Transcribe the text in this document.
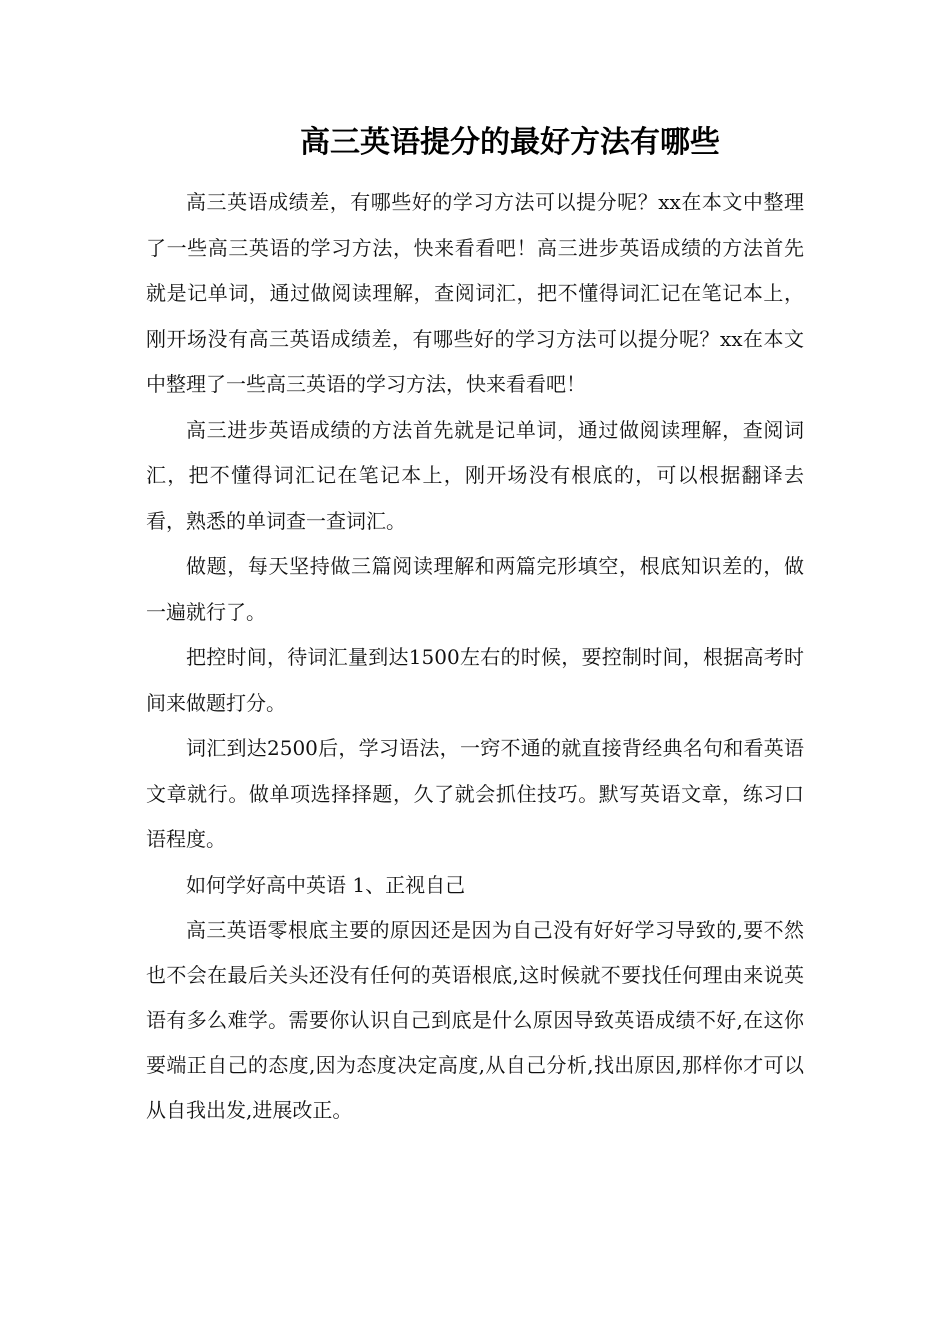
高三英语提分的最好方法有哪些

高三英语成绩差，有哪些好的学习方法可以提分呢？xx在本文中整理了一些高三英语的学习方法，快来看看吧！高三进步英语成绩的方法首先就是记单词，通过做阅读理解，查阅词汇，把不懂得词汇记在笔记本上，刚开场没有高三英语成绩差，有哪些好的学习方法可以提分呢？xx在本文中整理了一些高三英语的学习方法，快来看看吧！

高三进步英语成绩的方法首先就是记单词，通过做阅读理解，查阅词汇，把不懂得词汇记在笔记本上，刚开场没有根底的，可以根据翻译去看，熟悉的单词查一查词汇。

做题，每天坚持做三篇阅读理解和两篇完形填空，根底知识差的，做一遍就行了。

把控时间，待词汇量到达1500左右的时候，要控制时间，根据高考时间来做题打分。

词汇到达2500后，学习语法，一窍不通的就直接背经典名句和看英语文章就行。做单项选择择题，久了就会抓住技巧。默写英语文章，练习口语程度。

如何学好高中英语 1、正视自己

高三英语零根底主要的原因还是因为自己没有好好学习导致的,要不然也不会在最后关头还没有任何的英语根底,这时候就不要找任何理由来说英语有多么难学。需要你认识自己到底是什么原因导致英语成绩不好,在这你要端正自己的态度,因为态度决定高度,从自己分析,找出原因,那样你才可以从自我出发,进展改正。
